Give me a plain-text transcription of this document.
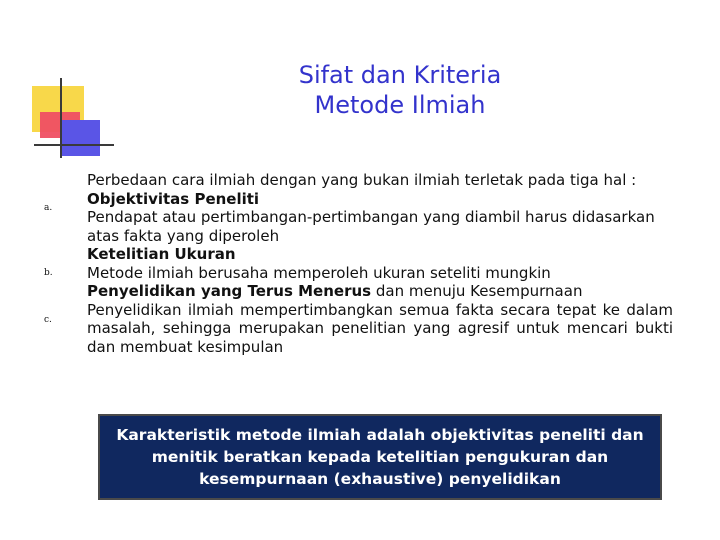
Sifat dan Kriteria
Metode Ilmiah
a.
b.
c.

Perbedaan cara ilmiah dengan yang bukan ilmiah terletak pada tiga hal :

Objektivitas Peneliti

Pendapat atau pertimbangan-pertimbangan yang diambil harus didasarkan atas fakta yang diperoleh

Ketelitian Ukuran

Metode ilmiah berusaha memperoleh ukuran seteliti mungkin

Penyelidikan yang Terus Menerus dan menuju Kesempurnaan

Penyelidikan ilmiah mempertimbangkan semua fakta secara tepat ke dalam masalah, sehingga merupakan penelitian yang agresif untuk mencari bukti dan membuat kesimpulan

Karakteristik metode ilmiah adalah objektivitas peneliti dan
menitik beratkan kepada ketelitian pengukuran dan
kesempurnaan (exhaustive) penyelidikan
